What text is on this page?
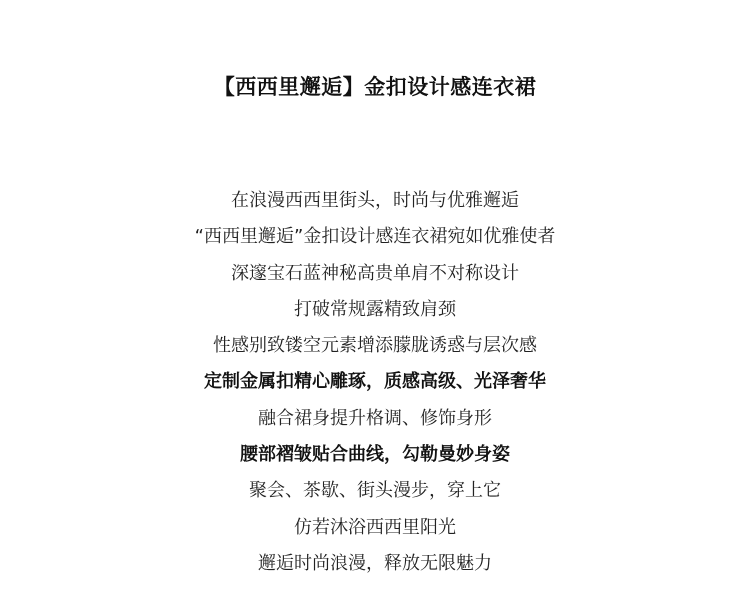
【西西里邂逅】金扣设计感连衣裙
在浪漫西西里街头，时尚与优雅邂逅
“西西里邂逅”金扣设计感连衣裙宛如优雅使者
深邃宝石蓝神秘高贵单肩不对称设计
打破常规露精致肩颈
性感别致镂空元素增添朦胧诱惑与层次感
定制金属扣精心雕琢，质感高级、光泽奢华
融合裙身提升格调、修饰身形
腰部褶皱贴合曲线，勾勒曼妙身姿
聚会、茶歇、街头漫步，穿上它
仿若沐浴西西里阳光
邂逅时尚浪漫，释放无限魅力
